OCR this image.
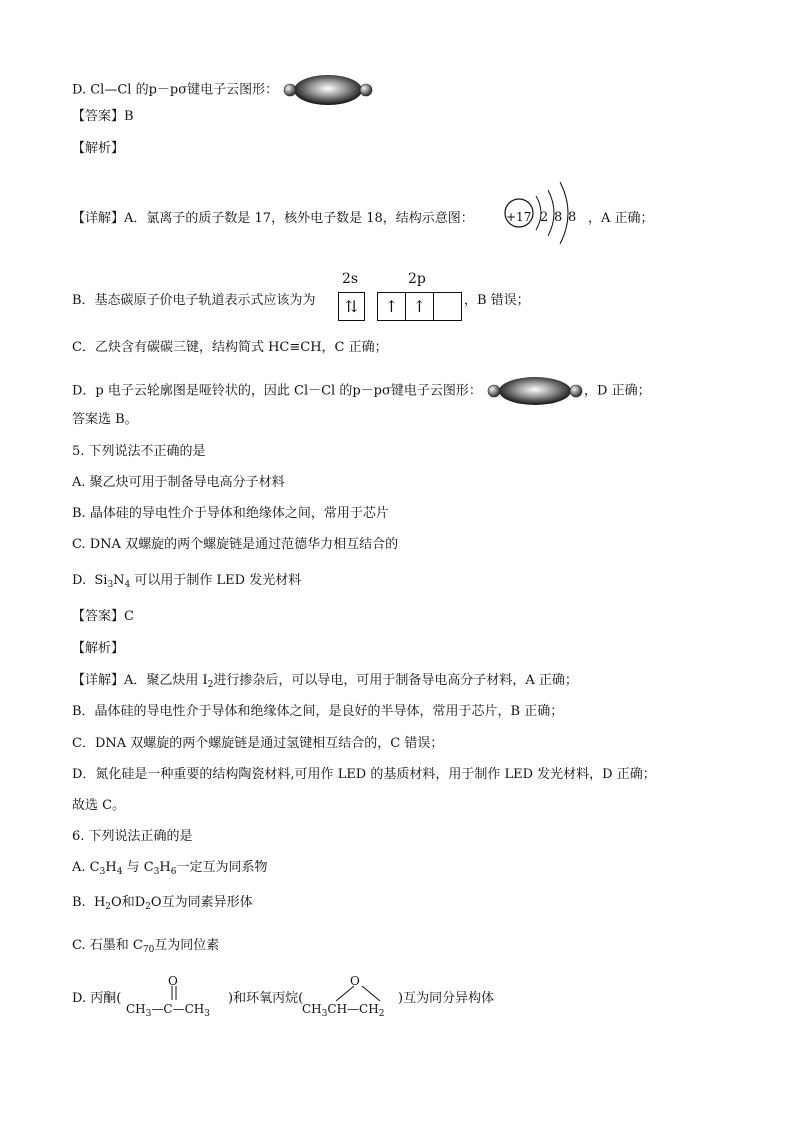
D. Cl—Cl 的p－pσ键电子云图形：
【答案】B
【解析】
【详解】A．氯离子的质子数是 17，核外电子数是 18，结构示意图：	+17 2 8 8 ，A 正确；
B．基态碳原子价电子轨道表示式应该为为
2s	2p
⇅	↑ ↑	，B 错误；
C．乙炔含有碳碳三键，结构简式 HC≡CH，C 正确；
D．p 电子云轮廓图是哑铃状的，因此 Cl－Cl 的p－pσ键电子云图形：	，D 正确；
答案选 B。
5. 下列说法不正确的是
A. 聚乙炔可用于制备导电高分子材料
B. 晶体硅的导电性介于导体和绝缘体之间，常用于芯片
C. DNA 双螺旋的两个螺旋链是通过范德华力相互结合的
D. $Si_3N_4$ 可以用于制作 LED 发光材料
【答案】C
【解析】
【详解】A．聚乙炔用 $I_2$进行掺杂后，可以导电，可用于制备导电高分子材料，A 正确；
B．晶体硅的导电性介于导体和绝缘体之间，是良好的半导体，常用于芯片，B 正确；
C．DNA 双螺旋的两个螺旋链是通过氢键相互结合的，C 错误；
D．氮化硅是一种重要的结构陶瓷材料,可用作 LED 的基质材料，用于制作 LED 发光材料，D 正确；
故选 C。
6. 下列说法正确的是
A. $C_3H_4$ 与 $C_3H_6$一定互为同系物
B. $H_2O$和$D_2O$互为同素异形体
C. 石墨和 $C_{70}$互为同位素
D. 丙酮(
O
$CH_3—C—CH_3$
)和环氧丙烷(
O
$CH_3CH—CH_2$
)互为同分异构体
